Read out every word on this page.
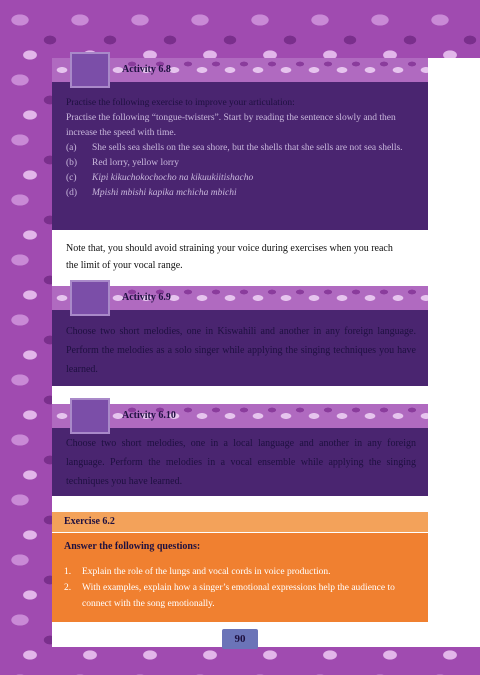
Activity 6.8

Practise the following exercise to improve your articulation:

Practise the following “tongue-twisters”. Start by reading the sentence slowly and then increase the speed with time.

(a)	She sells sea shells on the sea shore, but the shells that she sells are not sea shells.
(b)	Red lorry, yellow lorry
(c)	Kipi kikuchokochocho na kikuukiitishacho
(d)	Mpishi mbishi kapika mchicha mbichi
Note that, you should avoid straining your voice during exercises when you reach the limit of your vocal range.
Activity 6.9
Choose two short melodies, one in Kiswahili and another in any foreign language. Perform the melodies as a solo singer while applying the singing techniques you have learned.
Activity 6.10
Choose two short melodies, one in a local language and another in any foreign language. Perform the melodies in a vocal ensemble while applying the singing techniques you have learned.
Exercise 6.2
Answer the following questions:
1.	Explain the role of the lungs and vocal cords in voice production.
2.	With examples, explain how a singer’s emotional expressions help the audience to connect with the song emotionally.
90
